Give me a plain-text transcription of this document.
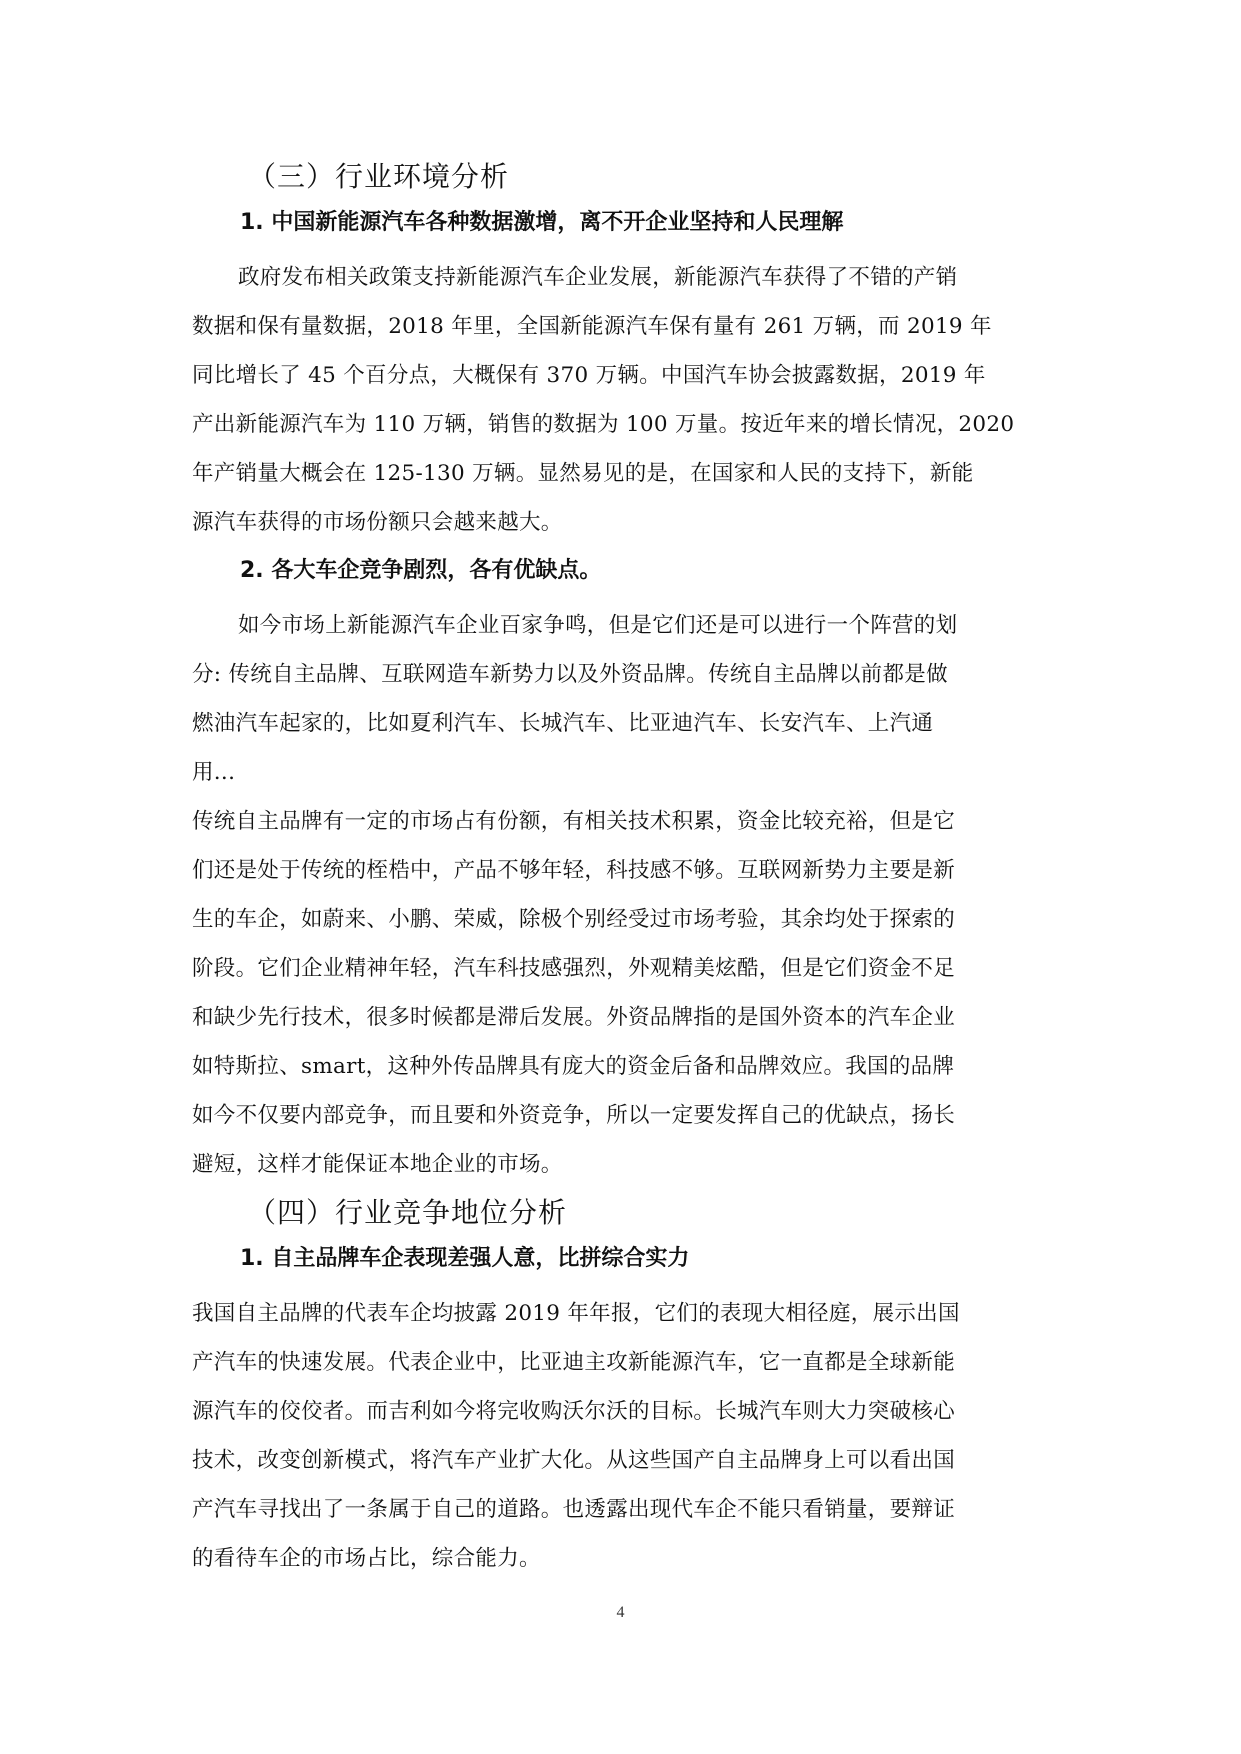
（三）行业环境分析
1. 中国新能源汽车各种数据激增，离不开企业坚持和人民理解
政府发布相关政策支持新能源汽车企业发展，新能源汽车获得了不错的产销
数据和保有量数据，2018 年里，全国新能源汽车保有量有 261 万辆，而 2019 年
同比增长了 45 个百分点，大概保有 370 万辆。中国汽车协会披露数据，2019 年
产出新能源汽车为 110 万辆，销售的数据为 100 万量。按近年来的增长情况，2020
年产销量大概会在 125-130 万辆。显然易见的是，在国家和人民的支持下，新能
源汽车获得的市场份额只会越来越大。
2. 各大车企竞争剧烈，各有优缺点。
如今市场上新能源汽车企业百家争鸣，但是它们还是可以进行一个阵营的划
分: 传统自主品牌、互联网造车新势力以及外资品牌。传统自主品牌以前都是做
燃油汽车起家的，比如夏利汽车、长城汽车、比亚迪汽车、长安汽车、上汽通
用...
传统自主品牌有一定的市场占有份额，有相关技术积累，资金比较充裕，但是它
们还是处于传统的桎梏中，产品不够年轻，科技感不够。互联网新势力主要是新
生的车企，如蔚来、小鹏、荣威，除极个别经受过市场考验，其余均处于探索的
阶段。它们企业精神年轻，汽车科技感强烈，外观精美炫酷，但是它们资金不足
和缺少先行技术，很多时候都是滞后发展。外资品牌指的是国外资本的汽车企业
如特斯拉、smart，这种外传品牌具有庞大的资金后备和品牌效应。我国的品牌
如今不仅要内部竞争，而且要和外资竞争，所以一定要发挥自己的优缺点，扬长
避短，这样才能保证本地企业的市场。
（四）行业竞争地位分析
1. 自主品牌车企表现差强人意，比拼综合实力
我国自主品牌的代表车企均披露 2019 年年报，它们的表现大相径庭，展示出国
产汽车的快速发展。代表企业中，比亚迪主攻新能源汽车，它一直都是全球新能
源汽车的佼佼者。而吉利如今将完收购沃尔沃的目标。长城汽车则大力突破核心
技术，改变创新模式，将汽车产业扩大化。从这些国产自主品牌身上可以看出国
产汽车寻找出了一条属于自己的道路。也透露出现代车企不能只看销量，要辩证
的看待车企的市场占比，综合能力。
4
